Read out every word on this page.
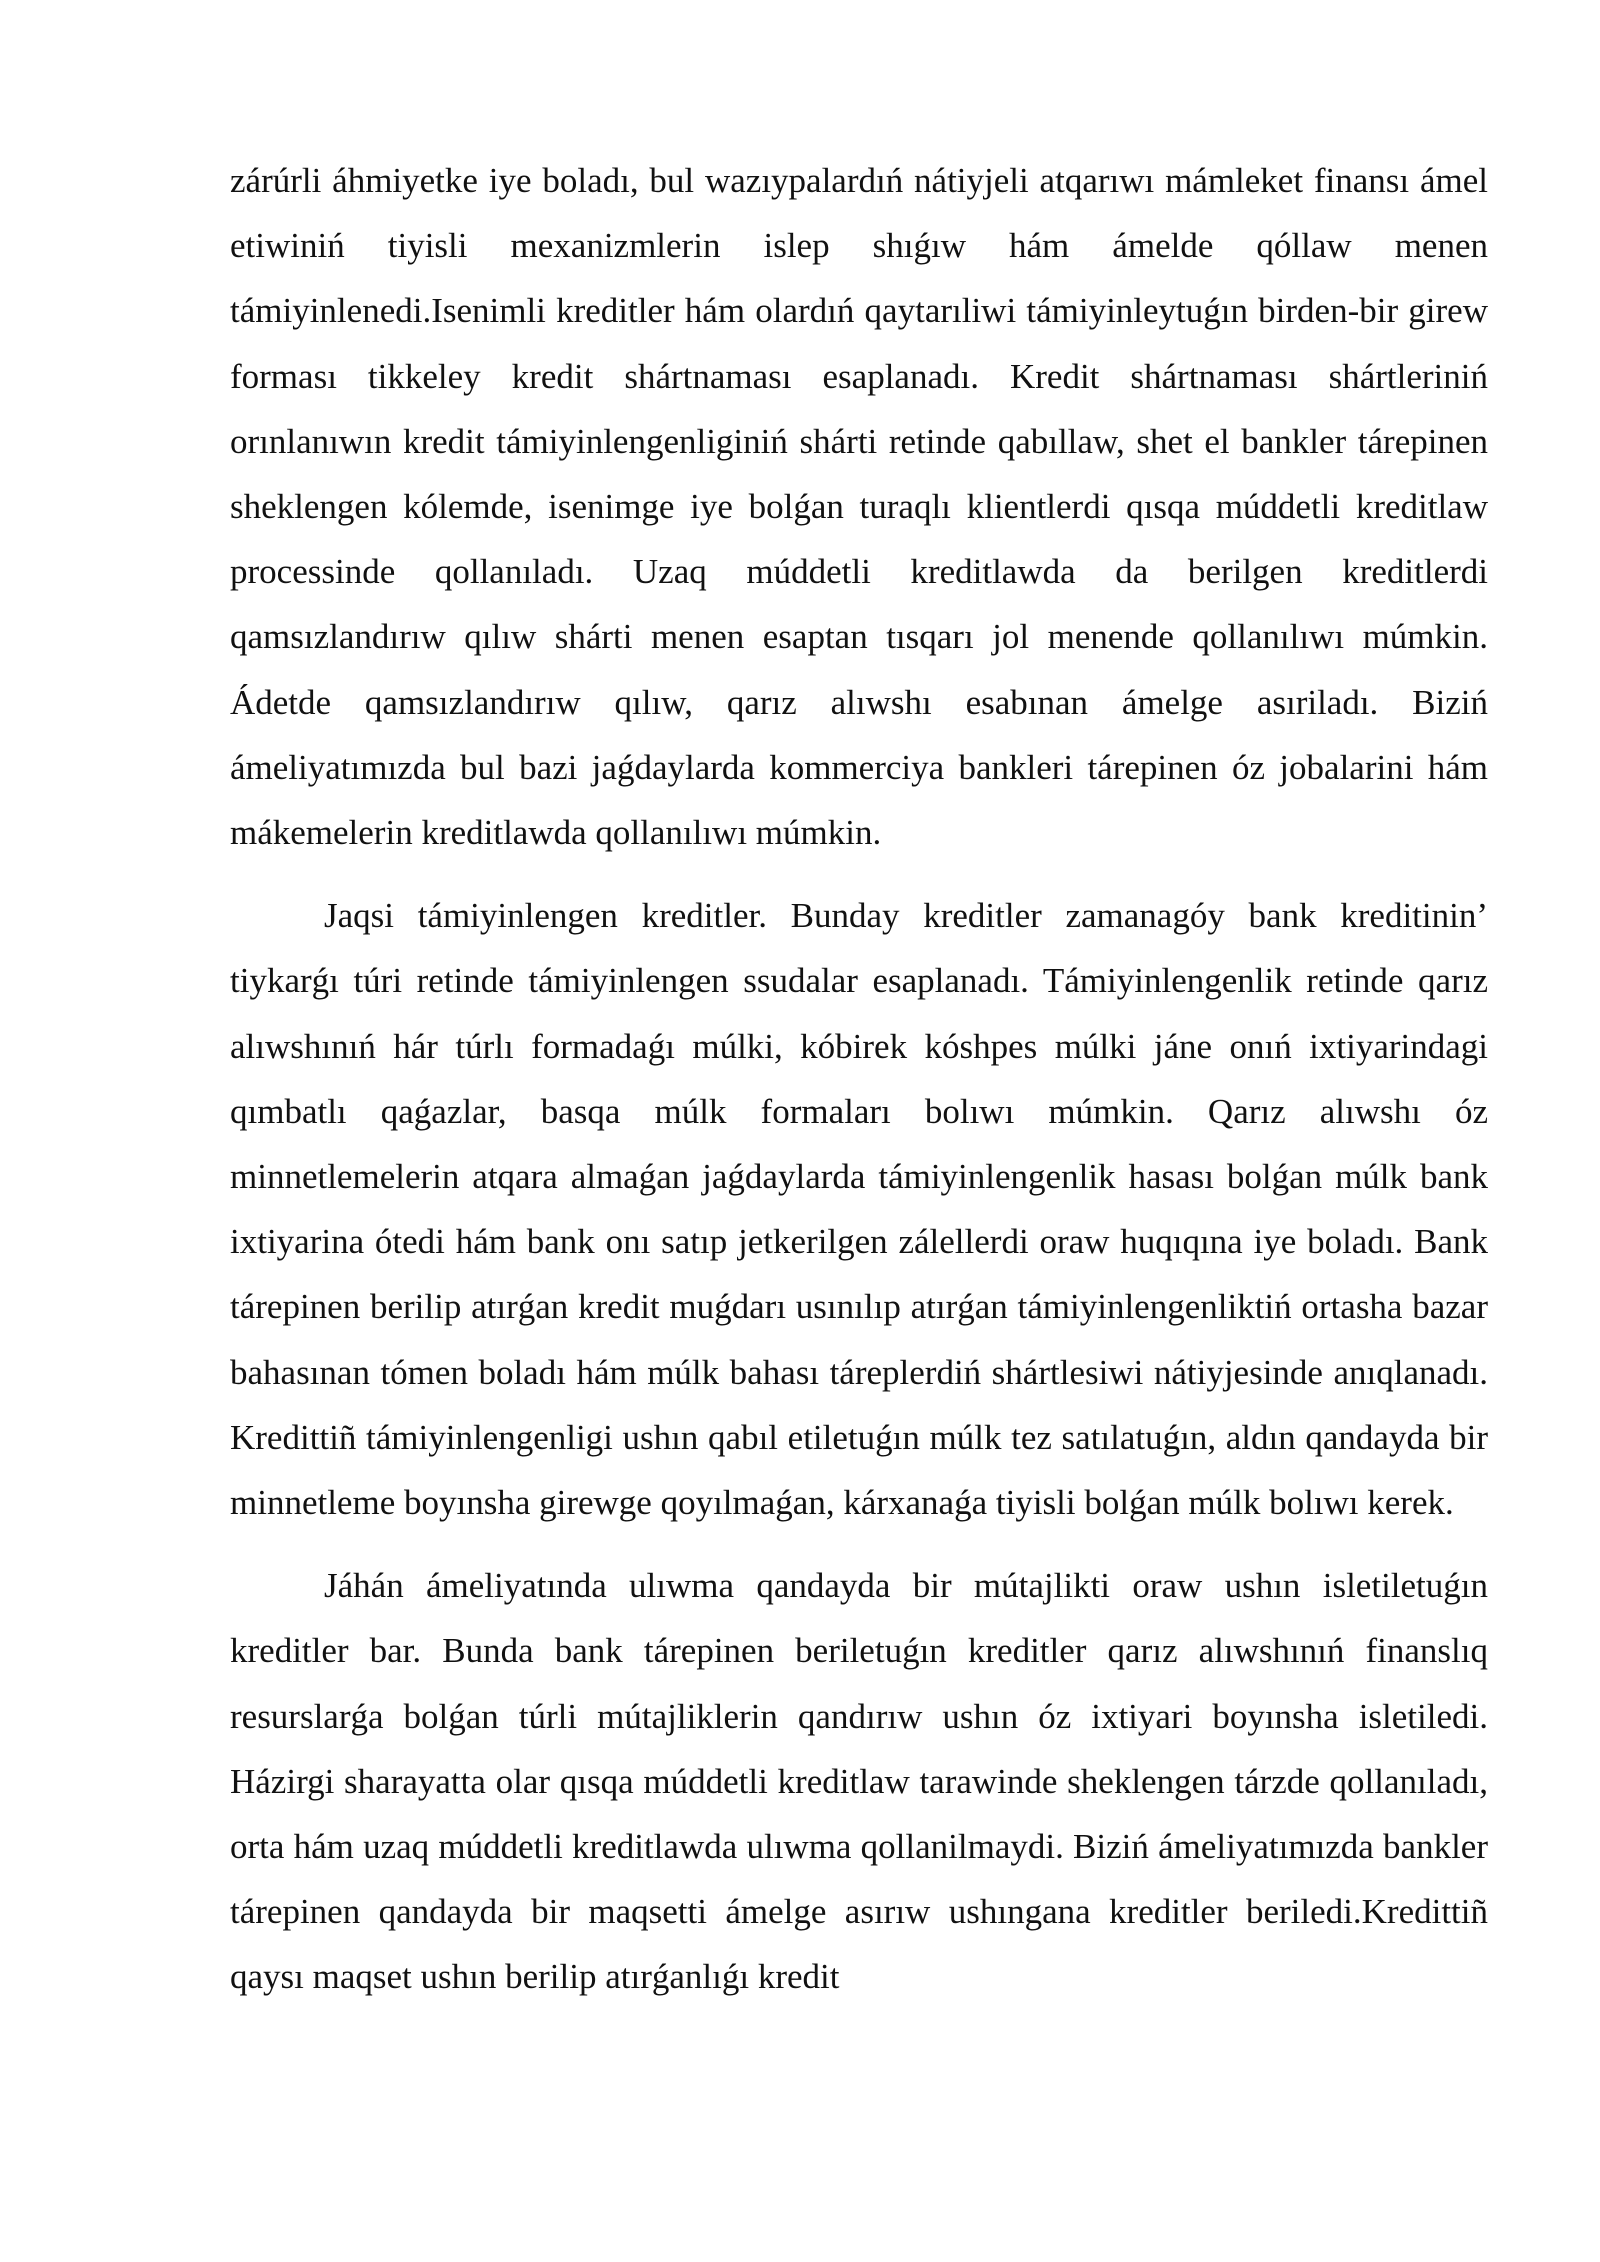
zárúrli áhmiyetke iye boladı, bul wazıypalardıń nátiyjeli atqarıwı mámleket finansı ámel etiwiniń tiyisli mexanizmlerin islep shıǵıw hám ámelde qóllaw menen támiyinlenedi.Isenimli kreditler hám olardıń qaytarıliwi támiyinleytuǵın birden-bir girew forması tikkeley kredit shártnaması esaplanadı. Kredit shártnaması shártleriniń orınlanıwın kredit támiyinlengenliginiń shárti retinde qabıllaw, shet el bankler tárepinen sheklengen kólemde, isenimge iye bolǵan turaqlı klientlerdi qısqa múddetli kreditlaw processinde qollanıladı. Uzaq múddetli kreditlawda da berilgen kreditlerdi qamsızlandırıw qılıw shárti menen esaptan tısqarı jol menende qollanılıwı múmkin. Ádetde qamsızlandırıw qılıw, qarız alıwshı esabınan ámelge asıriladı. Biziń ámeliyatımızda bul bazi jaǵdaylarda kommerciya bankleri tárepinen óz jobalarini hám mákemelerin kreditlawda qollanılıwı múmkin.

Jaqsi támiyinlengen kreditler. Bunday kreditler zamanagóy bank kreditinin’ tiykarǵı túri retinde támiyinlengen ssudalar esaplanadı. Támiyinlengenlik retinde qarız alıwshınıń hár túrlı formadaǵı múlki, kóbirek kóshpes múlki jáne onıń ixtiyarindagi qımbatlı qaǵazlar, basqa múlk formaları bolıwı múmkin. Qarız alıwshı óz minnetlemelerin atqara almaǵan jaǵdaylarda támiyinlengenlik hasası bolǵan múlk bank ixtiyarina ótedi hám bank onı satıp jetkerilgen zálellerdi oraw huqıqına iye boladı. Bank tárepinen berilip atırǵan kredit muǵdarı usınılıp atırǵan támiyinlengenliktiń ortasha bazar bahasınan tómen boladı hám múlk bahası táreplerdiń shártlesiwi nátiyjesinde anıqlanadı. Kredittiñ támiyinlengenligi ushın qabıl etiletuǵın múlk tez satılatuǵın, aldın qandayda bir minnetleme boyınsha girewge qoyılmaǵan, kárxanaǵa tiyisli bolǵan múlk bolıwı kerek.

Jáhán ámeliyatında ulıwma qandayda bir mútajlikti oraw ushın isletiletuǵın kreditler bar. Bunda bank tárepinen beriletuǵın kreditler qarız alıwshınıń finanslıq resurslarǵa bolǵan túrli mútajliklerin qandırıw ushın óz ixtiyari boyınsha isletiledi. Házirgi sharayatta olar qısqa múddetli kreditlaw tarawinde sheklengen tárzde qollanıladı, orta hám uzaq múddetli kreditlawda ulıwma qollanilmaydi. Biziń ámeliyatımızda bankler tárepinen qandayda bir maqsetti ámelge asırıw ushıngana kreditler beriledi.Kredittiñ qaysı maqset ushın berilip atırǵanlıǵı kredit
